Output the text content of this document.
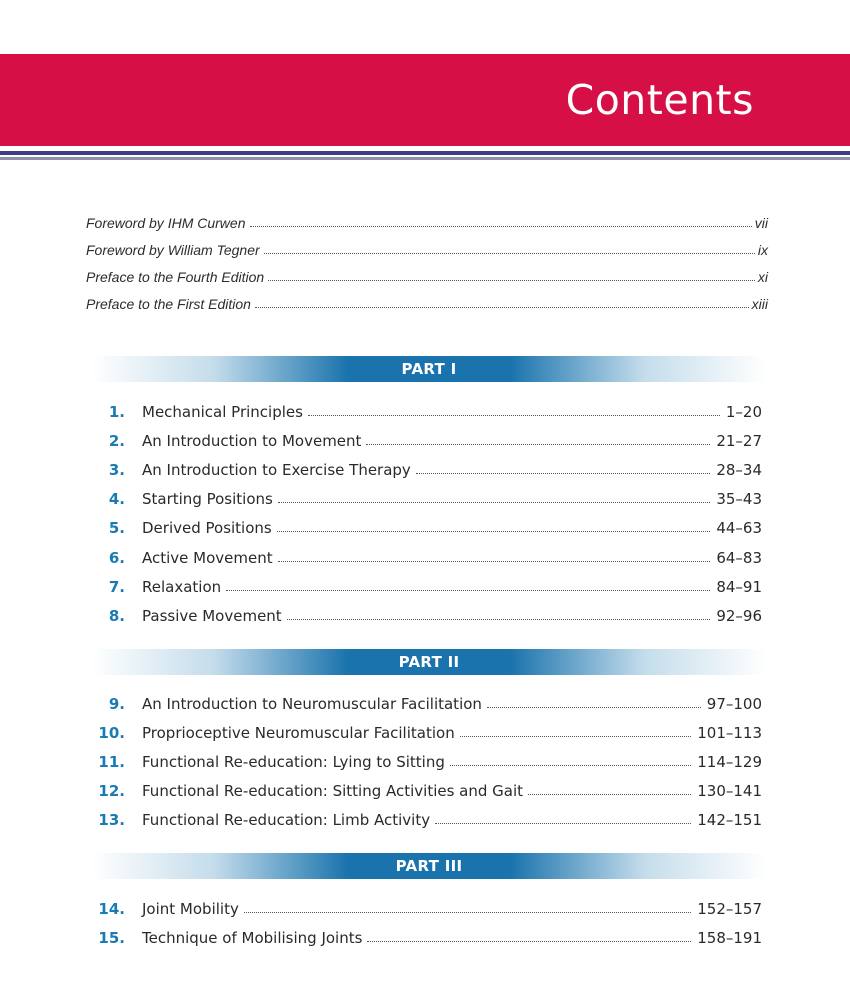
Contents
Foreword by IHM Curwen	vii
Foreword by William Tegner	ix
Preface to the Fourth Edition	xi
Preface to the First Edition	xiii
PART I
1. Mechanical Principles	1–20
2. An Introduction to Movement	21–27
3. An Introduction to Exercise Therapy	28–34
4. Starting Positions	35–43
5. Derived Positions	44–63
6. Active Movement	64–83
7. Relaxation	84–91
8. Passive Movement	92–96
PART II
9. An Introduction to Neuromuscular Facilitation	97–100
10. Proprioceptive Neuromuscular Facilitation	101–113
11. Functional Re-education: Lying to Sitting	114–129
12. Functional Re-education: Sitting Activities and Gait	130–141
13. Functional Re-education: Limb Activity	142–151
PART III
14. Joint Mobility	152–157
15. Technique of Mobilising Joints	158–191
